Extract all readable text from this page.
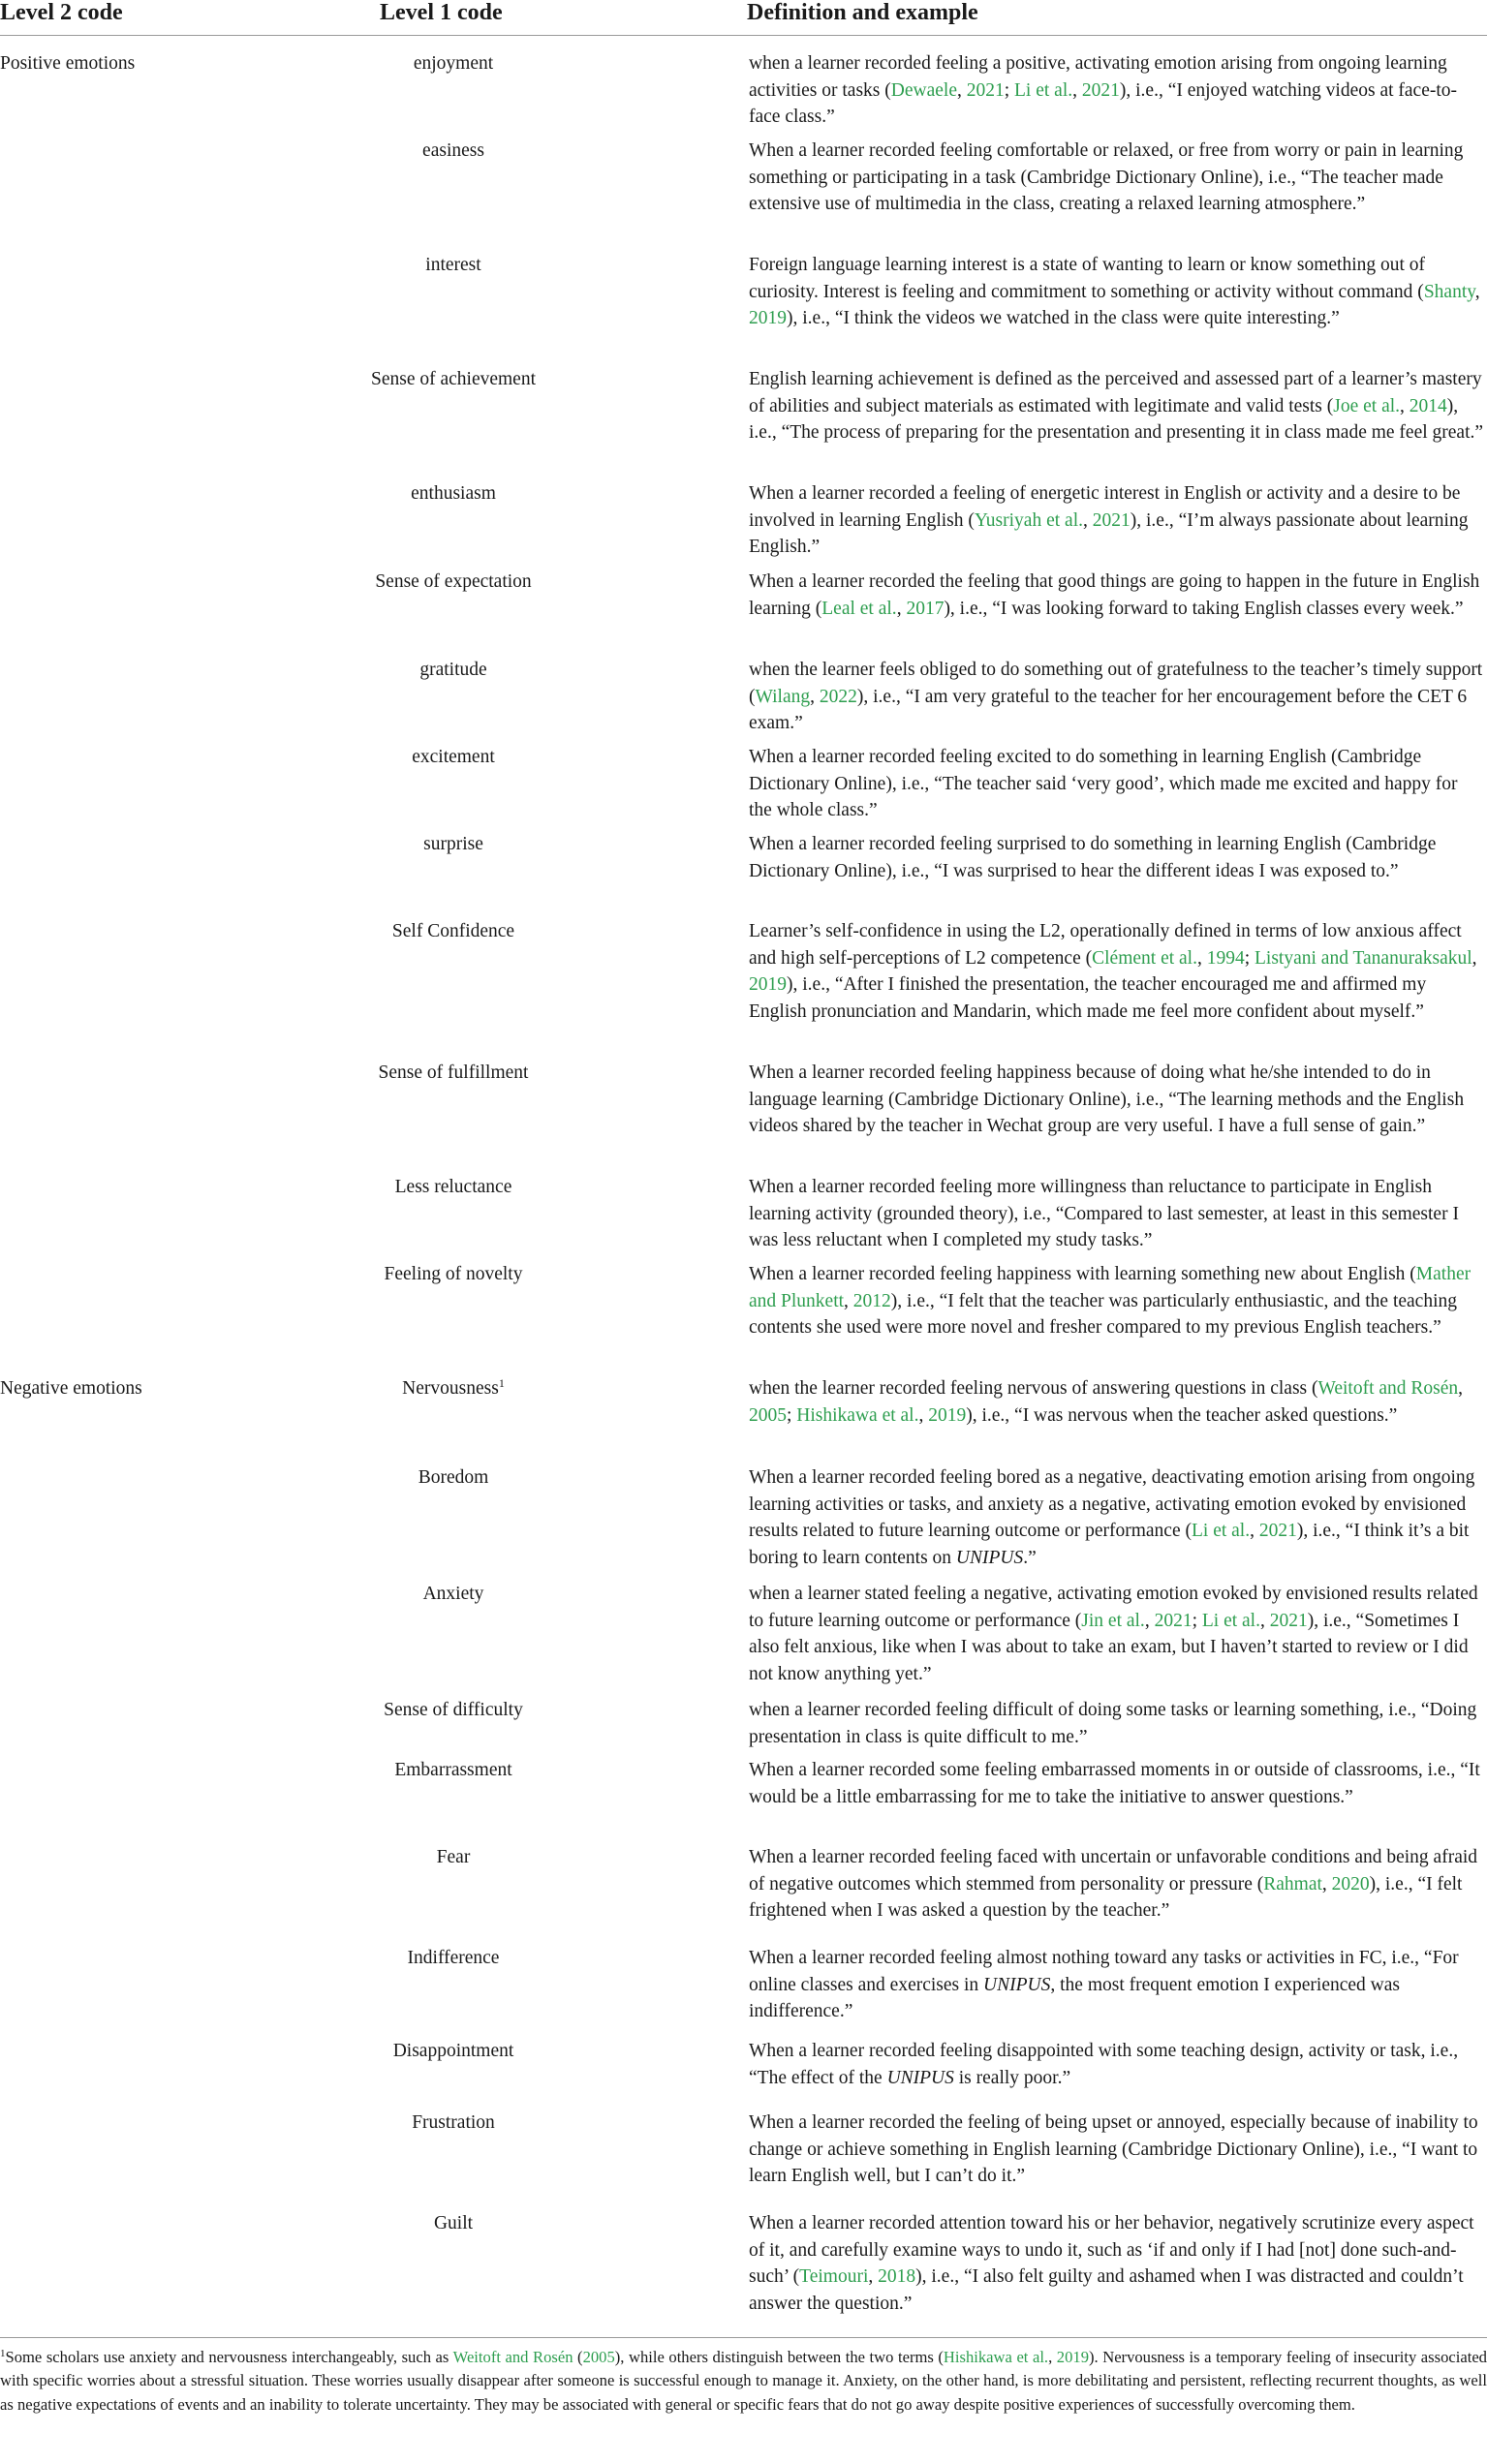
Level 2 code	Level 1 code	Definition and example
Positive emotions	enjoyment	when a learner recorded feeling a positive, activating emotion arising from ongoing learning activities or tasks (Dewaele, 2021; Li et al., 2021), i.e., “I enjoyed watching videos at face-to-face class.”
easiness	When a learner recorded feeling comfortable or relaxed, or free from worry or pain in learning something or participating in a task (Cambridge Dictionary Online), i.e., “The teacher made extensive use of multimedia in the class, creating a relaxed learning atmosphere.”
interest	Foreign language learning interest is a state of wanting to learn or know something out of curiosity. Interest is feeling and commitment to something or activity without command (Shanty, 2019), i.e., “I think the videos we watched in the class were quite interesting.”
Sense of achievement	English learning achievement is defined as the perceived and assessed part of a learner’s mastery of abilities and subject materials as estimated with legitimate and valid tests (Joe et al., 2014), i.e., “The process of preparing for the presentation and presenting it in class made me feel great.”
enthusiasm	When a learner recorded a feeling of energetic interest in English or activity and a desire to be involved in learning English (Yusriyah et al., 2021), i.e., “I’m always passionate about learning English.”
Sense of expectation	When a learner recorded the feeling that good things are going to happen in the future in English learning (Leal et al., 2017), i.e., “I was looking forward to taking English classes every week.”
gratitude	when the learner feels obliged to do something out of gratefulness to the teacher’s timely support (Wilang, 2022), i.e., “I am very grateful to the teacher for her encouragement before the CET 6 exam.”
excitement	When a learner recorded feeling excited to do something in learning English (Cambridge Dictionary Online), i.e., “The teacher said ‘very good’, which made me excited and happy for the whole class.”
surprise	When a learner recorded feeling surprised to do something in learning English (Cambridge Dictionary Online), i.e., “I was surprised to hear the different ideas I was exposed to.”
Self Confidence	Learner’s self-confidence in using the L2, operationally defined in terms of low anxious affect and high self-perceptions of L2 competence (Clément et al., 1994; Listyani and Tananuraksakul, 2019), i.e., “After I finished the presentation, the teacher encouraged me and affirmed my English pronunciation and Mandarin, which made me feel more confident about myself.”
Sense of fulfillment	When a learner recorded feeling happiness because of doing what he/she intended to do in language learning (Cambridge Dictionary Online), i.e., “The learning methods and the English videos shared by the teacher in Wechat group are very useful. I have a full sense of gain.”
Less reluctance	When a learner recorded feeling more willingness than reluctance to participate in English learning activity (grounded theory), i.e., “Compared to last semester, at least in this semester I was less reluctant when I completed my study tasks.”
Feeling of novelty	When a learner recorded feeling happiness with learning something new about English (Mather and Plunkett, 2012), i.e., “I felt that the teacher was particularly enthusiastic, and the teaching contents she used were more novel and fresher compared to my previous English teachers.”
Negative emotions	Nervousness$^1$	when the learner recorded feeling nervous of answering questions in class (Weitoft and Rosén, 2005; Hishikawa et al., 2019), i.e., “I was nervous when the teacher asked questions.”
Boredom	When a learner recorded feeling bored as a negative, deactivating emotion arising from ongoing learning activities or tasks, and anxiety as a negative, activating emotion evoked by envisioned results related to future learning outcome or performance (Li et al., 2021), i.e., “I think it’s a bit boring to learn contents on UNIPUS.”
Anxiety	when a learner stated feeling a negative, activating emotion evoked by envisioned results related to future learning outcome or performance (Jin et al., 2021; Li et al., 2021), i.e., “Sometimes I also felt anxious, like when I was about to take an exam, but I haven’t started to review or I did not know anything yet.”
Sense of difficulty	when a learner recorded feeling difficult of doing some tasks or learning something, i.e., “Doing presentation in class is quite difficult to me.”
Embarrassment	When a learner recorded some feeling embarrassed moments in or outside of classrooms, i.e., “It would be a little embarrassing for me to take the initiative to answer questions.”
Fear	When a learner recorded feeling faced with uncertain or unfavorable conditions and being afraid of negative outcomes which stemmed from personality or pressure (Rahmat, 2020), i.e., “I felt frightened when I was asked a question by the teacher.”
Indifference	When a learner recorded feeling almost nothing toward any tasks or activities in FC, i.e., “For online classes and exercises in UNIPUS, the most frequent emotion I experienced was indifference.”
Disappointment	When a learner recorded feeling disappointed with some teaching design, activity or task, i.e., “The effect of the UNIPUS is really poor.”
Frustration	When a learner recorded the feeling of being upset or annoyed, especially because of inability to change or achieve something in English learning (Cambridge Dictionary Online), i.e., “I want to learn English well, but I can’t do it.”
Guilt	When a learner recorded attention toward his or her behavior, negatively scrutinize every aspect of it, and carefully examine ways to undo it, such as ‘if and only if I had [not] done such-and-such’ (Teimouri, 2018), i.e., “I also felt guilty and ashamed when I was distracted and couldn’t answer the question.”
$^1$Some scholars use anxiety and nervousness interchangeably, such as Weitoft and Rosén (2005), while others distinguish between the two terms (Hishikawa et al., 2019). Nervousness is a temporary feeling of insecurity associated with specific worries about a stressful situation. These worries usually disappear after someone is successful enough to manage it. Anxiety, on the other hand, is more debilitating and persistent, reflecting recurrent thoughts, as well as negative expectations of events and an inability to tolerate uncertainty. They may be associated with general or specific fears that do not go away despite positive experiences of successfully overcoming them.
